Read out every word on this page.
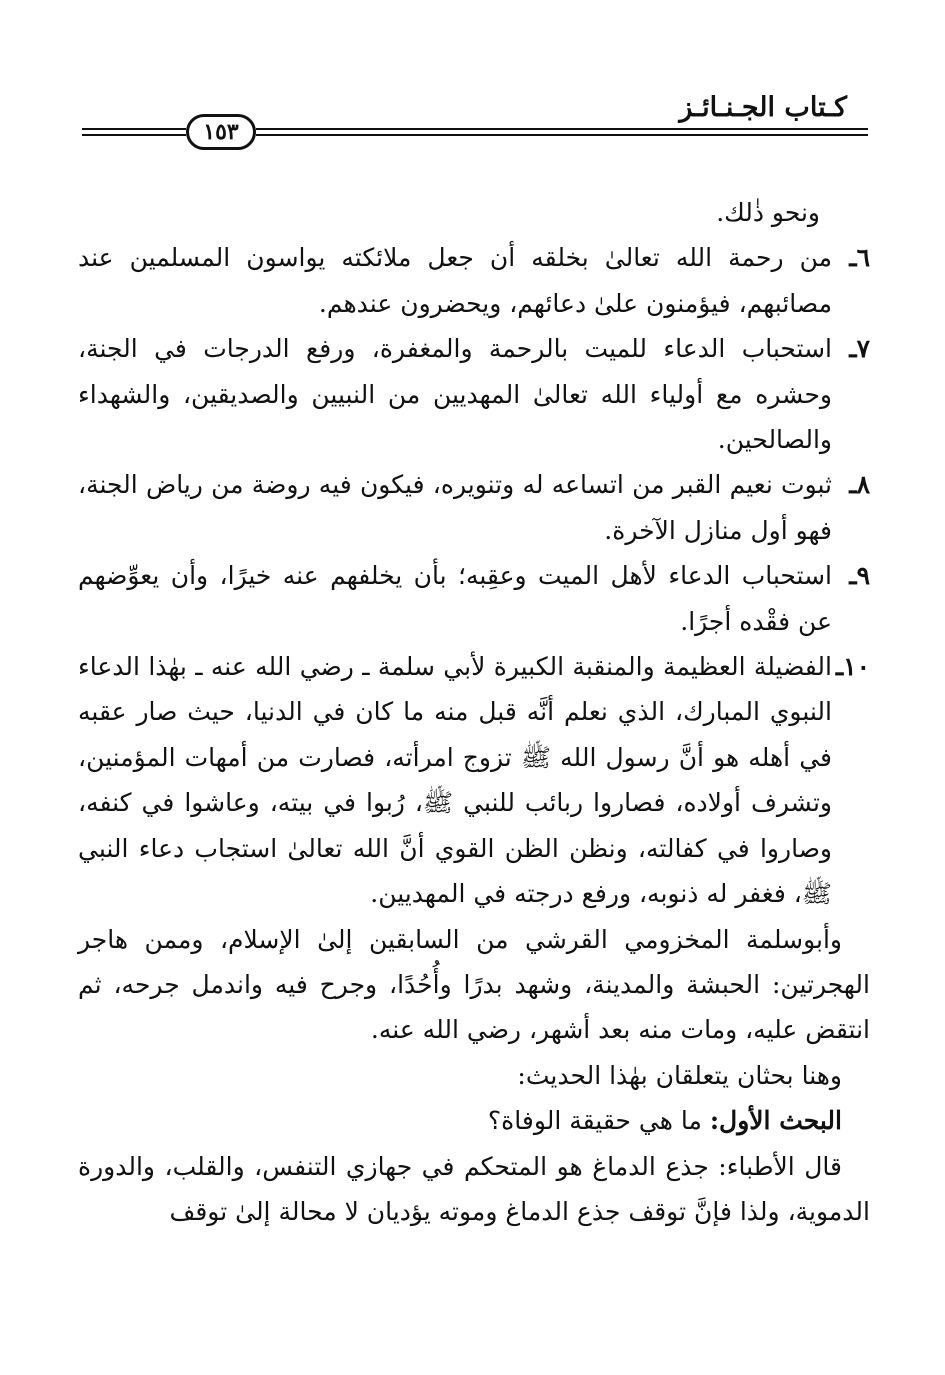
كـتاب الجـنـائـز
١٥٣
ونحو ذٰلك.
٦ـ
من رحمة الله تعالىٰ بخلقه أن جعل ملائكته يواسون المسلمين عند مصائبهم، فيؤمنون علىٰ دعائهم، ويحضرون عندهم.
٧ـ
استحباب الدعاء للميت بالرحمة والمغفرة، ورفع الدرجات في الجنة، وحشره مع أولياء الله تعالىٰ المهديين من النبيين والصديقين، والشهداء والصالحين.
٨ـ
ثبوت نعيم القبر من اتساعه له وتنويره، فيكون فيه روضة من رياض الجنة، فهو أول منازل الآخرة.
٩ـ
استحباب الدعاء لأهل الميت وعقِبه؛ بأن يخلفهم عنه خيرًا، وأن يعوِّضهم عن فقْده أجرًا.
١٠ـ
الفضيلة العظيمة والمنقبة الكبيرة لأبي سلمة ـ رضي الله عنه ـ بهٰذا الدعاء النبوي المبارك، الذي نعلم أنَّه قبل منه ما كان في الدنيا، حيث صار عقبه في أهله هو أنَّ رسول الله ﷺ تزوج امرأته، فصارت من أمهات المؤمنين، وتشرف أولاده، فصاروا ربائب للنبي ﷺ، رُبوا في بيته، وعاشوا في كنفه، وصاروا في كفالته، ونظن الظن القوي أنَّ الله تعالىٰ استجاب دعاء النبي ﷺ، فغفر له ذنوبه، ورفع درجته في المهديين.
وأبوسلمة المخزومي القرشي من السابقين إلىٰ الإسلام، وممن هاجر الهجرتين: الحبشة والمدينة، وشهد بدرًا وأُحُدًا، وجرح فيه واندمل جرحه، ثم انتقض عليه، ومات منه بعد أشهر، رضي الله عنه.
وهنا بحثان يتعلقان بهٰذا الحديث:
البحث الأول: ما هي حقيقة الوفاة؟
قال الأطباء: جذع الدماغ هو المتحكم في جهازي التنفس، والقلب، والدورة الدموية، ولذا فإنَّ توقف جذع الدماغ وموته يؤديان لا محالة إلىٰ توقف
